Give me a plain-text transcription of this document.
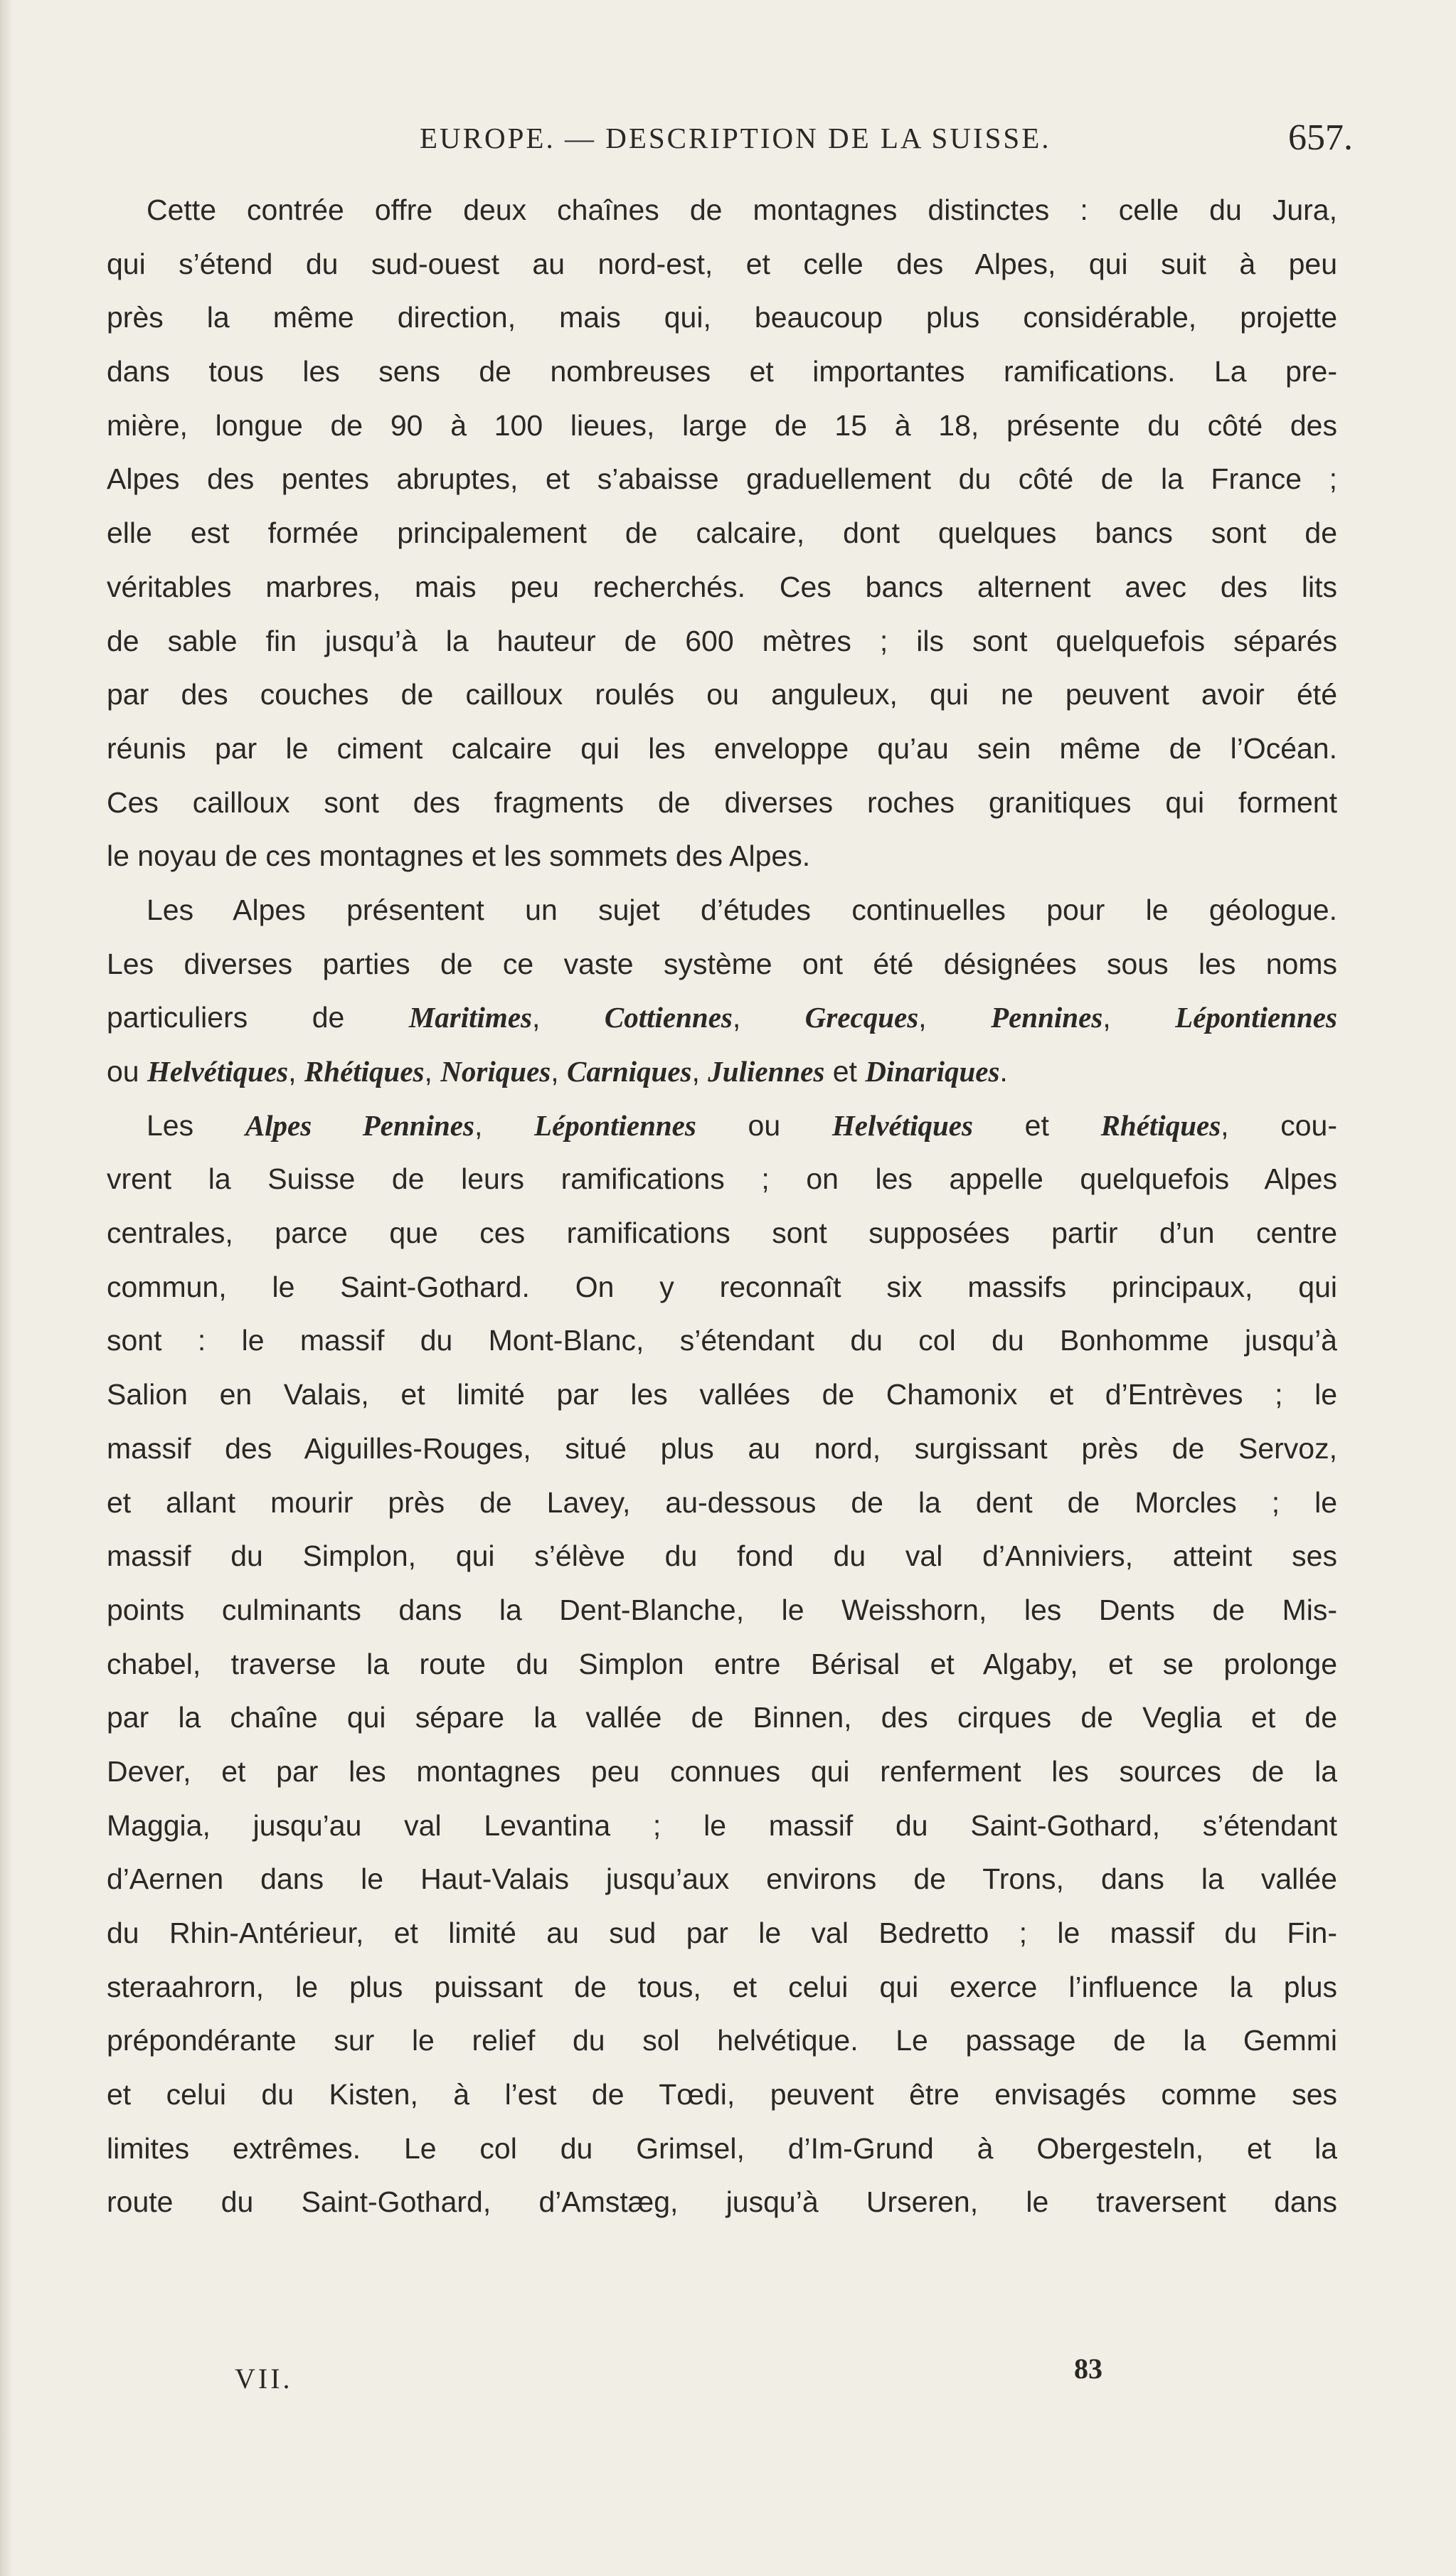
EUROPE. — DESCRIPTION DE LA SUISSE.	657.
Cette contrée offre deux chaînes de montagnes distinctes : celle du Jura,
qui s’étend du sud-ouest au nord-est, et celle des Alpes, qui suit à peu
près la même direction, mais qui, beaucoup plus considérable, projette
dans tous les sens de nombreuses et importantes ramifications. La pre-
mière, longue de 90 à 100 lieues, large de 15 à 18, présente du côté des
Alpes des pentes abruptes, et s’abaisse graduellement du côté de la France ;
elle est formée principalement de calcaire, dont quelques bancs sont de
véritables marbres, mais peu recherchés. Ces bancs alternent avec des lits
de sable fin jusqu’à la hauteur de 600 mètres ; ils sont quelquefois séparés
par des couches de cailloux roulés ou anguleux, qui ne peuvent avoir été
réunis par le ciment calcaire qui les enveloppe qu’au sein même de l’Océan.
Ces cailloux sont des fragments de diverses roches granitiques qui forment
le noyau de ces montagnes et les sommets des Alpes.
Les Alpes présentent un sujet d’études continuelles pour le géologue.
Les diverses parties de ce vaste système ont été désignées sous les noms
particuliers de Maritimes, Cottiennes, Grecques, Pennines, Lépontiennes
ou Helvétiques, Rhétiques, Noriques, Carniques, Juliennes et Dinariques.
Les Alpes Pennines, Lépontiennes ou Helvétiques et Rhétiques, cou-
vrent la Suisse de leurs ramifications ; on les appelle quelquefois Alpes
centrales, parce que ces ramifications sont supposées partir d’un centre
commun, le Saint-Gothard. On y reconnaît six massifs principaux, qui
sont : le massif du Mont-Blanc, s’étendant du col du Bonhomme jusqu’à
Salion en Valais, et limité par les vallées de Chamonix et d’Entrèves ; le
massif des Aiguilles-Rouges, situé plus au nord, surgissant près de Servoz,
et allant mourir près de Lavey, au-dessous de la dent de Morcles ; le
massif du Simplon, qui s’élève du fond du val d’Anniviers, atteint ses
points culminants dans la Dent-Blanche, le Weisshorn, les Dents de Mis-
chabel, traverse la route du Simplon entre Bérisal et Algaby, et se prolonge
par la chaîne qui sépare la vallée de Binnen, des cirques de Veglia et de
Dever, et par les montagnes peu connues qui renferment les sources de la
Maggia, jusqu’au val Levantina ; le massif du Saint-Gothard, s’étendant
d’Aernen dans le Haut-Valais jusqu’aux environs de Trons, dans la vallée
du Rhin-Antérieur, et limité au sud par le val Bedretto ; le massif du Fin-
steraahrorn, le plus puissant de tous, et celui qui exerce l’influence la plus
prépondérante sur le relief du sol helvétique. Le passage de la Gemmi
et celui du Kisten, à l’est de Tœdi, peuvent être envisagés comme ses
limites extrêmes. Le col du Grimsel, d’Im-Grund à Obergesteln, et la
route du Saint-Gothard, d’Amstæg, jusqu’à Urseren, le traversent dans
VII.	83
